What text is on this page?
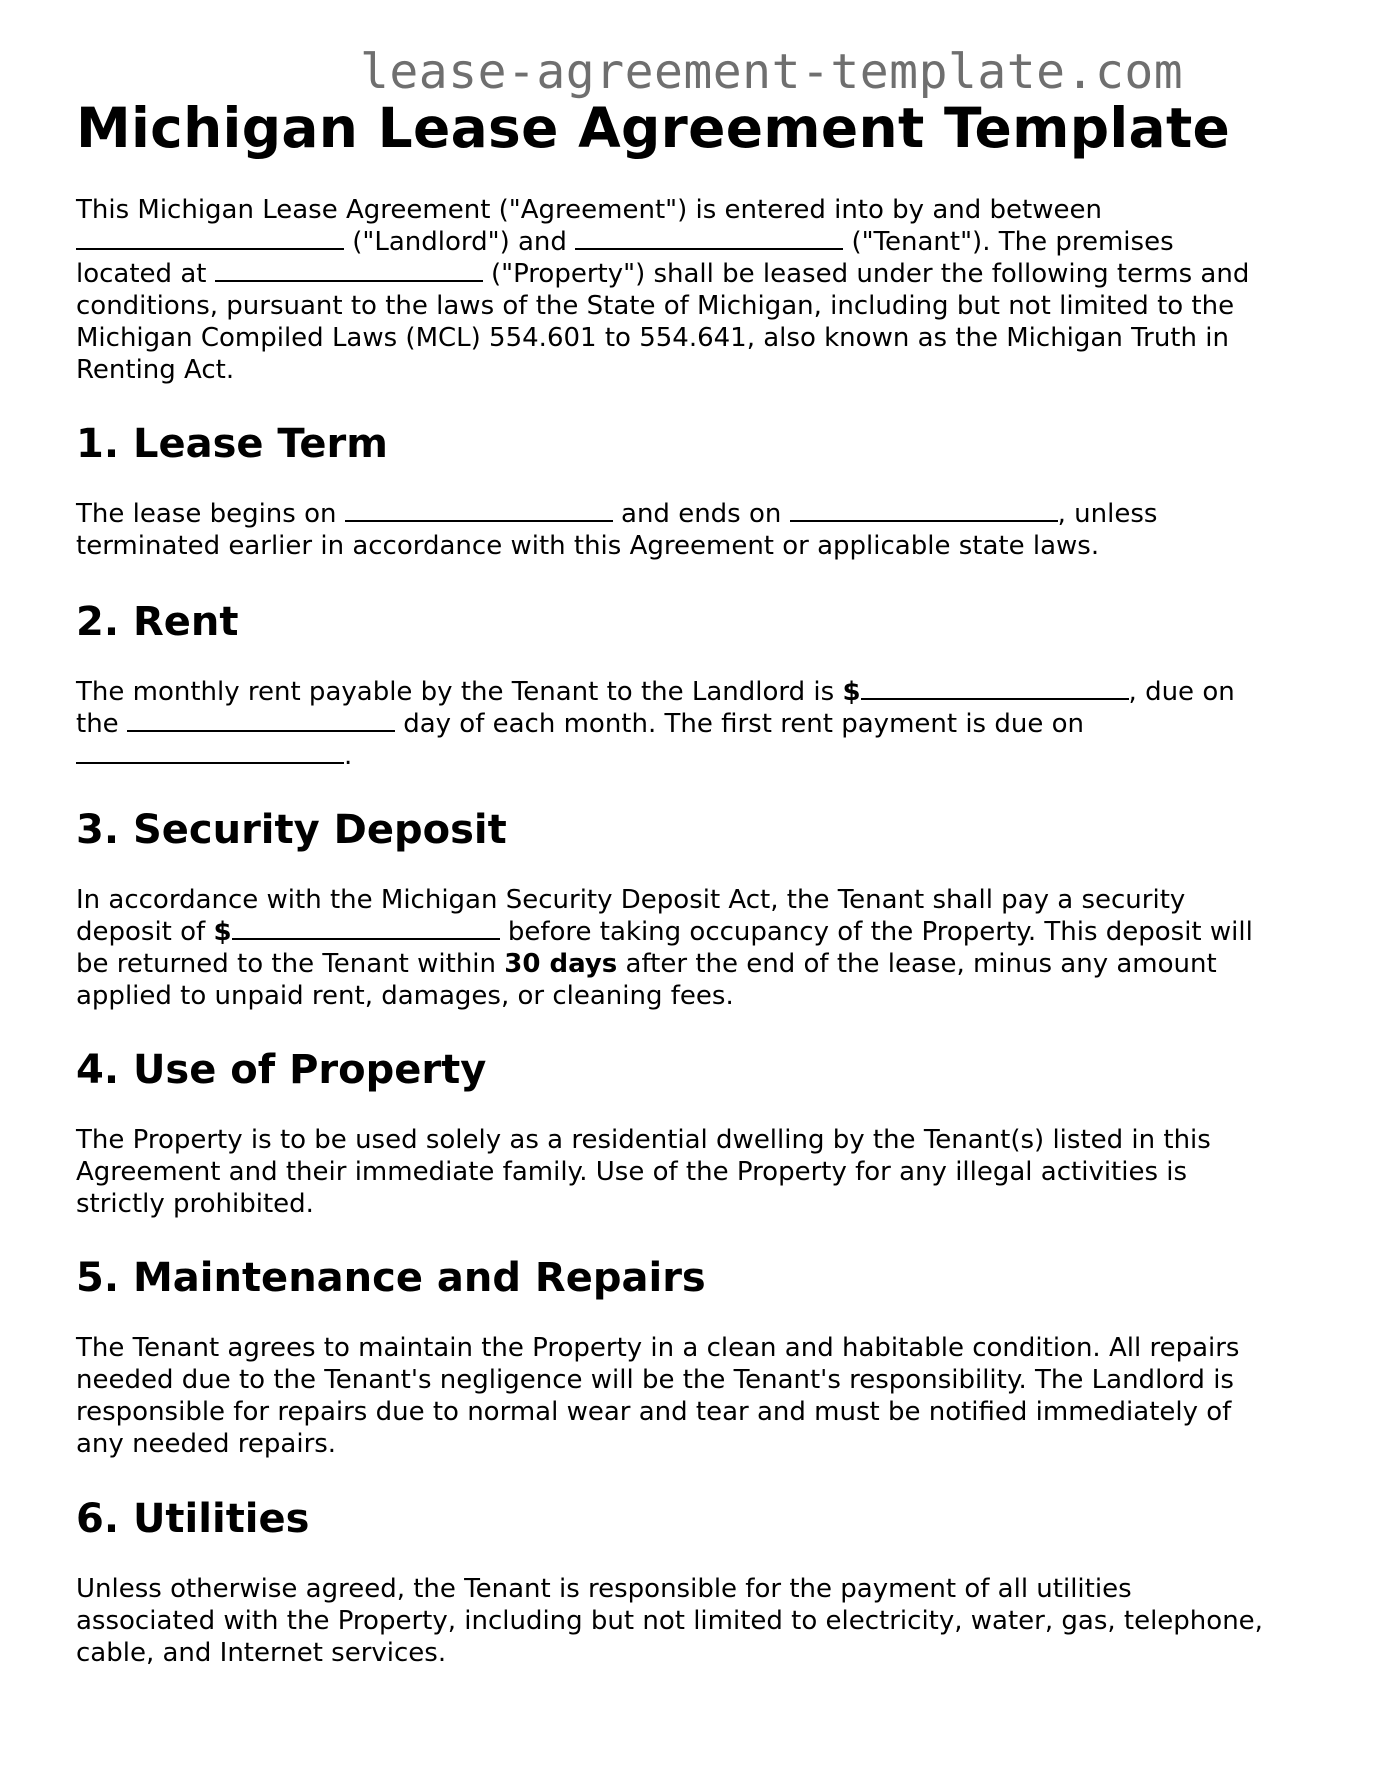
lease-agreement-template.com
Michigan Lease Agreement Template

This Michigan Lease Agreement ("Agreement") is entered into by and between
("Landlord") and	("Tenant"). The premises
located at	("Property") shall be leased under the following terms and
conditions, pursuant to the laws of the State of Michigan, including but not limited to the
Michigan Compiled Laws (MCL) 554.601 to 554.641, also known as the Michigan Truth in
Renting Act.

1. Lease Term

The lease begins on	and ends on	, unless
terminated earlier in accordance with this Agreement or applicable state laws.

2. Rent

The monthly rent payable by the Tenant to the Landlord is $	, due on
the	day of each month. The first rent payment is due on
.

3. Security Deposit

In accordance with the Michigan Security Deposit Act, the Tenant shall pay a security
deposit of $	before taking occupancy of the Property. This deposit will
be returned to the Tenant within 30 days after the end of the lease, minus any amount
applied to unpaid rent, damages, or cleaning fees.

4. Use of Property

The Property is to be used solely as a residential dwelling by the Tenant(s) listed in this
Agreement and their immediate family. Use of the Property for any illegal activities is
strictly prohibited.

5. Maintenance and Repairs

The Tenant agrees to maintain the Property in a clean and habitable condition. All repairs
needed due to the Tenant's negligence will be the Tenant's responsibility. The Landlord is
responsible for repairs due to normal wear and tear and must be notified immediately of
any needed repairs.

6. Utilities

Unless otherwise agreed, the Tenant is responsible for the payment of all utilities
associated with the Property, including but not limited to electricity, water, gas, telephone,
cable, and Internet services.
